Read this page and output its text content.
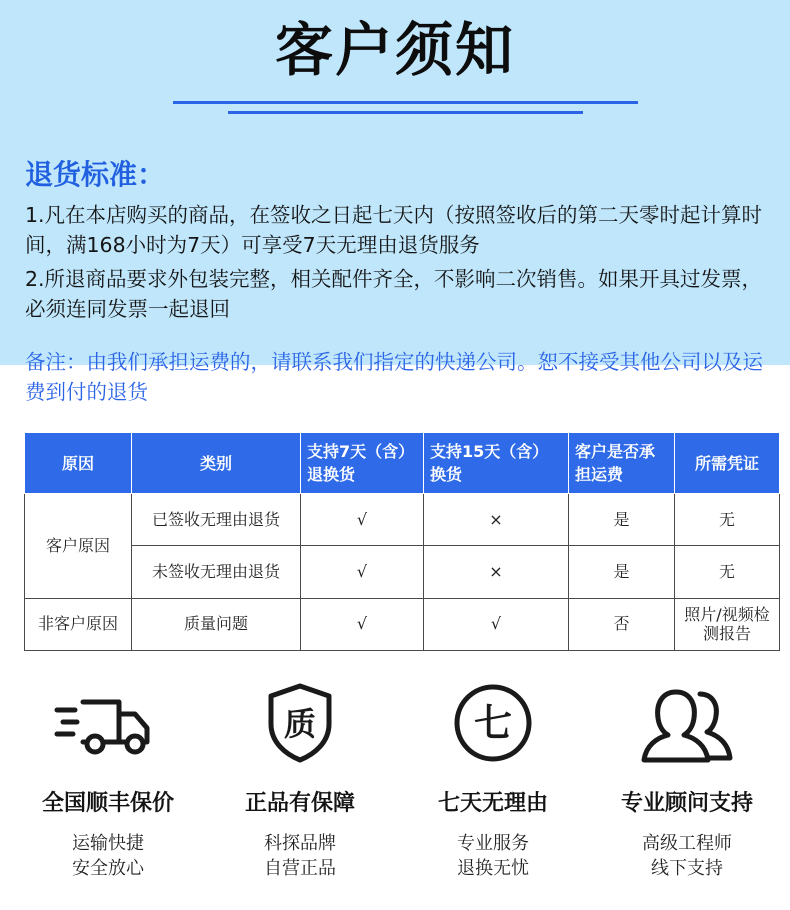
客户须知
退货标准：
1.凡在本店购买的商品，在签收之日起七天内（按照签收后的第二天零时起计算时间，满168小时为7天）可享受7天无理由退货服务
2.所退商品要求外包装完整，相关配件齐全，不影响二次销售。如果开具过发票，必须连同发票一起退回
备注：由我们承担运费的，请联系我们指定的快递公司。恕不接受其他公司以及运费到付的退货
原因	类别	支持7天（含）退换货	支持15天（含）换货	客户是否承担运费	所需凭证
客户原因	已签收无理由退货	√	×	是	无
	未签收无理由退货	√	×	是	无
非客户原因	质量问题	√	√	否	照片/视频检测报告
全国顺丰保价
运输快捷
安全放心
质
正品有保障
科探品牌
自营正品
七
七天无理由
专业服务
退换无忧
专业顾问支持
高级工程师
线下支持
